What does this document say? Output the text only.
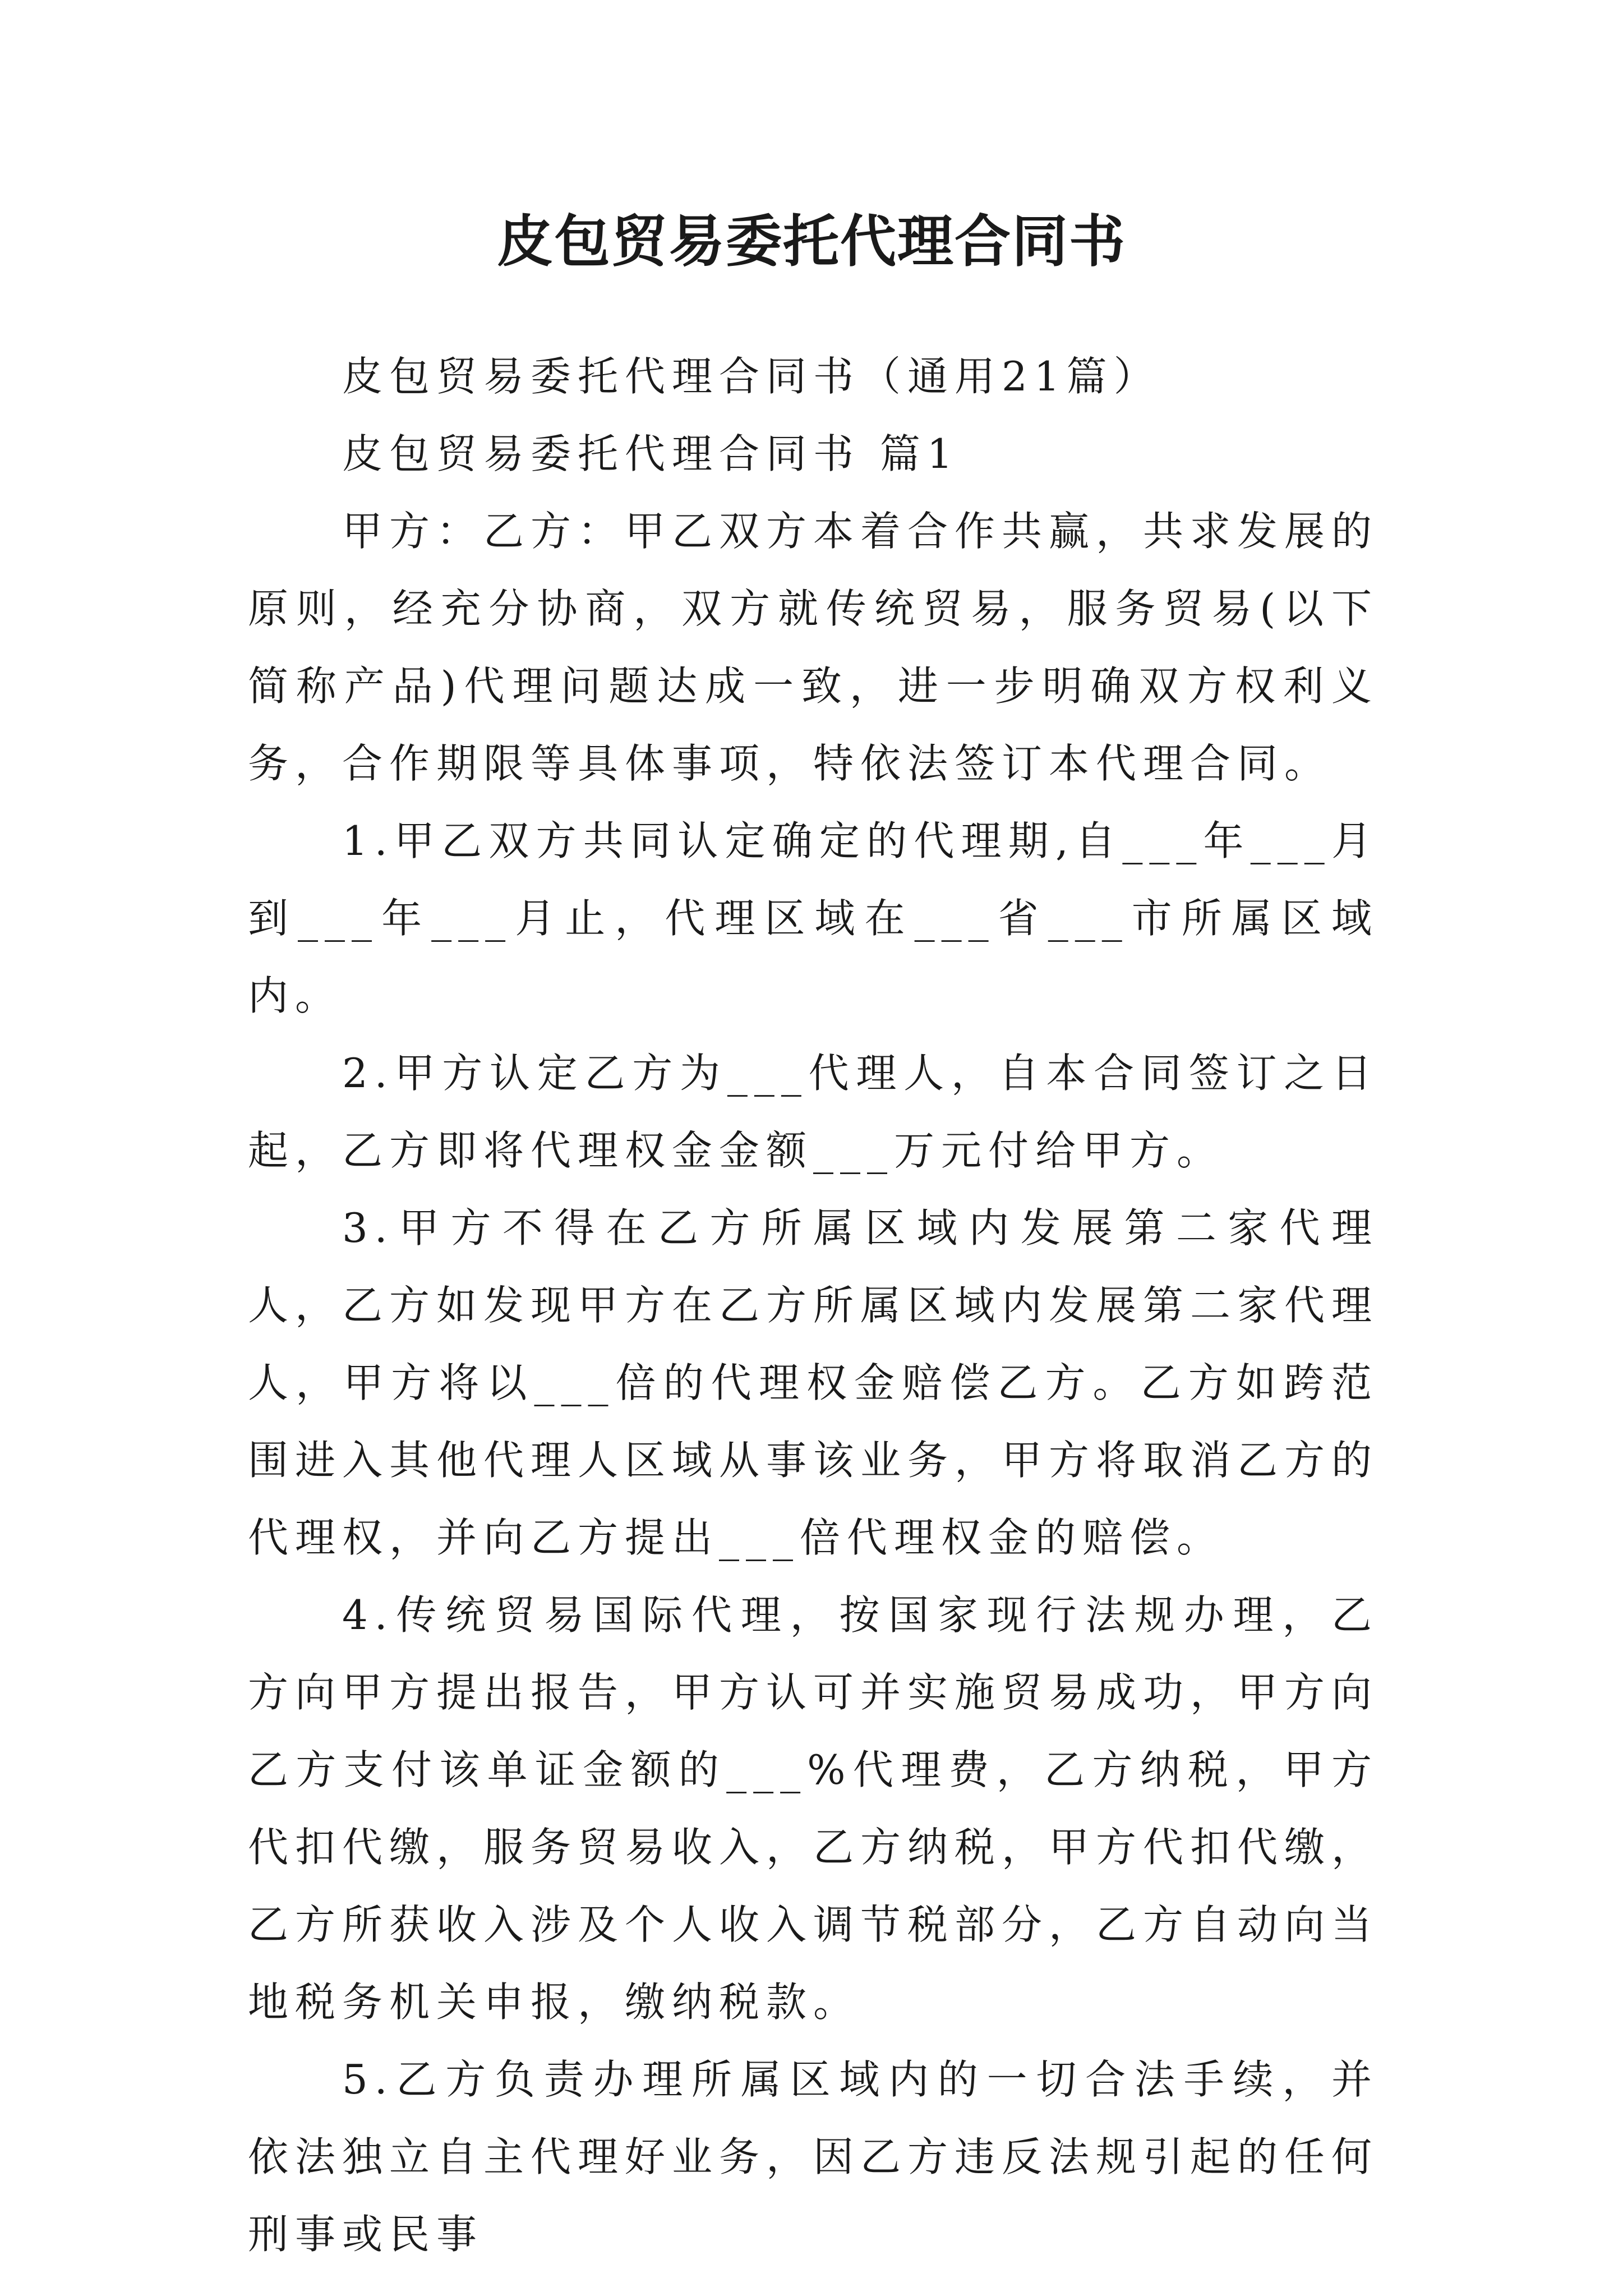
皮包贸易委托代理合同书

皮包贸易委托代理合同书（通用21篇）

皮包贸易委托代理合同书 篇1

甲方：乙方：甲乙双方本着合作共赢，共求发展的原则，经充分协商，双方就传统贸易，服务贸易(以下简称产品)代理问题达成一致，进一步明确双方权利义务，合作期限等具体事项，特依法签订本代理合同。

1.甲乙双方共同认定确定的代理期,自___年___月到___年___月止，代理区域在___省___市所属区域内。

2.甲方认定乙方为___代理人，自本合同签订之日起，乙方即将代理权金金额___万元付给甲方。

3.甲方不得在乙方所属区域内发展第二家代理人，乙方如发现甲方在乙方所属区域内发展第二家代理人，甲方将以___倍的代理权金赔偿乙方。乙方如跨范围进入其他代理人区域从事该业务，甲方将取消乙方的代理权，并向乙方提出___倍代理权金的赔偿。

4.传统贸易国际代理，按国家现行法规办理，乙方向甲方提出报告，甲方认可并实施贸易成功，甲方向乙方支付该单证金额的___%代理费，乙方纳税，甲方代扣代缴，服务贸易收入，乙方纳税，甲方代扣代缴，乙方所获收入涉及个人收入调节税部分，乙方自动向当地税务机关申报，缴纳税款。

5.乙方负责办理所属区域内的一切合法手续，并依法独立自主代理好业务，因乙方违反法规引起的任何刑事或民事
